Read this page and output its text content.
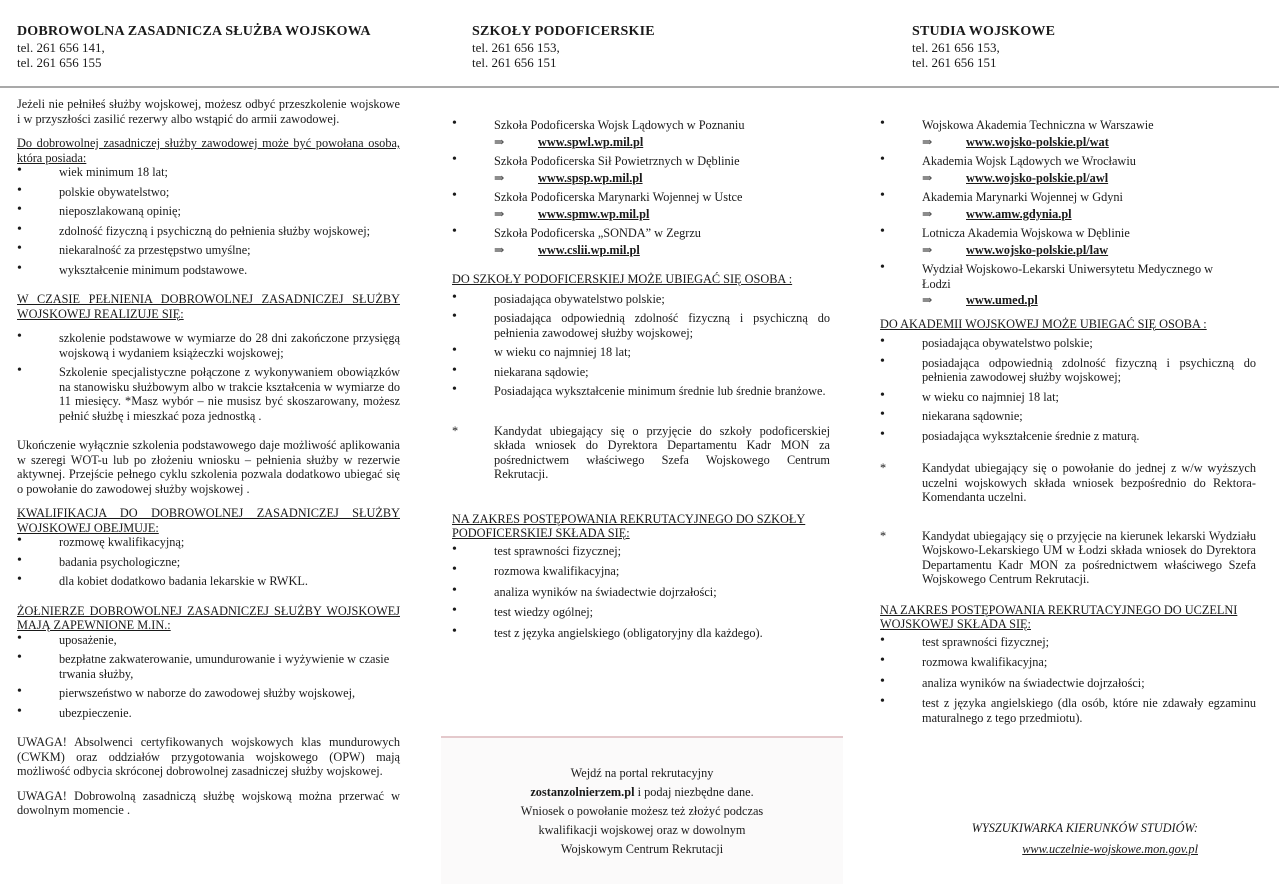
DOBROWOLNA ZASADNICZA SŁUŻBA WOJSKOWA
tel. 261 656 141,
tel. 261 656 155
SZKOŁY PODOFICERSKIE
tel. 261 656 153,
tel. 261 656 151
STUDIA WOJSKOWE
tel. 261 656 153,
tel. 261 656 151

Jeżeli nie pełniłeś służby wojskowej, możesz odbyć przeszkolenie wojskowe i w przyszłości zasilić rezerwy albo wstąpić do armii zawodowej.

Do dobrowolnej zasadniczej służby zawodowej może być powołana osoba, która posiada:

• wiek minimum 18 lat;
• polskie obywatelstwo;
• nieposzlakowaną opinię;
• zdolność fizyczną i psychiczną do pełnienia służby wojskowej;
• niekaralność za przestępstwo umyślne;
• wykształcenie minimum podstawowe.

W CZASIE PEŁNIENIA DOBROWOLNEJ ZASADNICZEJ SŁUŻBY WOJSKOWEJ REALIZUJE SIĘ:

• szkolenie podstawowe w wymiarze do 28 dni zakończone przysięgą wojskową i wydaniem książeczki wojskowej;
• Szkolenie specjalistyczne połączone z wykonywaniem obowiązków na stanowisku służbowym albo w trakcie kształcenia w wymiarze do 11 miesięcy. *Masz wybór – nie musisz być skoszarowany, możesz pełnić służbę i mieszkać poza jednostką .

Ukończenie wyłącznie szkolenia podstawowego daje możliwość aplikowania w szeregi WOT-u lub po złożeniu wniosku – pełnienia służby w rezerwie aktywnej. Przejście pełnego cyklu szkolenia pozwala dodatkowo ubiegać się o powołanie do zawodowej służby wojskowej .

KWALIFIKACJA DO DOBROWOLNEJ ZASADNICZEJ SŁUŻBY WOJSKOWEJ OBEJMUJE:

• rozmowę kwalifikacyjną;
• badania psychologiczne;
• dla kobiet dodatkowo badania lekarskie w RWKL.

ŻOŁNIERZE DOBROWOLNEJ ZASADNICZEJ SŁUŻBY WOJSKOWEJ MAJĄ ZAPEWNIONE M.IN.:

• uposażenie,
• bezpłatne zakwaterowanie, umundurowanie i wyżywienie w czasie trwania służby,
• pierwszeństwo w naborze do zawodowej służby wojskowej,
• ubezpieczenie.

UWAGA! Absolwenci certyfikowanych wojskowych klas mundurowych (CWKM) oraz oddziałów przygotowania wojskowego (OPW) mają możliwość odbycia skróconej dobrowolnej zasadniczej służby wojskowej.

UWAGA! Dobrowolną zasadniczą służbę wojskową można przerwać w dowolnym momencie .

• Szkoła Podoficerska Wojsk Lądowych w Poznaniu
⇒	www.spwl.wp.mil.pl
• Szkoła Podoficerska Sił Powietrznych w Dęblinie
⇒	www.spsp.wp.mil.pl
• Szkoła Podoficerska Marynarki Wojennej w Ustce
⇒	www.spmw.wp.mil.pl
• Szkoła Podoficerska „SONDA” w Zegrzu
⇒	www.cslii.wp.mil.pl

DO SZKOŁY PODOFICERSKIEJ MOŻE UBIEGAĆ SIĘ OSOBA :

• posiadająca obywatelstwo polskie;
• posiadająca odpowiednią zdolność fizyczną i psychiczną do pełnienia zawodowej służby wojskowej;
• w wieku co najmniej 18 lat;
• niekarana sądowie;
• Posiadająca wykształcenie minimum średnie lub średnie branżowe.
*	Kandydat ubiegający się o przyjęcie do szkoły podoficerskiej składa wniosek do Dyrektora Departamentu Kadr MON za pośrednictwem właściwego Szefa Wojskowego Centrum Rekrutacji.

NA ZAKRES POSTĘPOWANIA REKRUTACYJNEGO DO SZKOŁY PODOFICERSKIEJ SKŁADA SIĘ:

• test sprawności fizycznej;
• rozmowa kwalifikacyjna;
• analiza wyników na świadectwie dojrzałości;
• test wiedzy ogólnej;
• test z języka angielskiego (obligatoryjny dla każdego).
Wejdź na portal rekrutacyjny
zostanzolnierzem.pl i podaj niezbędne dane.
Wniosek o powołanie możesz też złożyć podczas
kwalifikacji wojskowej oraz w dowolnym
Wojskowym Centrum Rekrutacji
• Wojskowa Akademia Techniczna w Warszawie
⇒	www.wojsko-polskie.pl/wat
• Akademia Wojsk Lądowych we Wrocławiu
⇒	www.wojsko-polskie.pl/awl
• Akademia Marynarki Wojennej w Gdyni
⇒	www.amw.gdynia.pl
• Lotnicza Akademia Wojskowa w Dęblinie
⇒	www.wojsko-polskie.pl/law
• Wydział Wojskowo-Lekarski Uniwersytetu Medycznego w Łodzi
⇒	www.umed.pl

DO AKADEMII WOJSKOWEJ MOŻE UBIEGAĆ SIĘ OSOBA :

• posiadająca obywatelstwo polskie;
• posiadająca odpowiednią zdolność fizyczną i psychiczną do pełnienia zawodowej służby wojskowej;
• w wieku co najmniej 18 lat;
• niekarana sądownie;
• posiadająca wykształcenie średnie z maturą.
*	Kandydat ubiegający się o powołanie do jednej z w/w wyższych uczelni wojskowych składa wniosek bezpośrednio do Rektora-Komendanta uczelni.
*	Kandydat ubiegający się o przyjęcie na kierunek lekarski Wydziału Wojskowo-Lekarskiego UM w Łodzi składa wniosek do Dyrektora Departamentu Kadr MON za pośrednictwem właściwego Szefa Wojskowego Centrum Rekrutacji.

NA ZAKRES POSTĘPOWANIA REKRUTACYJNEGO DO UCZELNI WOJSKOWEJ SKŁADA SIĘ:

• test sprawności fizycznej;
• rozmowa kwalifikacyjna;
• analiza wyników na świadectwie dojrzałości;
• test z języka angielskiego (dla osób, które nie zdawały egzaminu maturalnego z tego przedmiotu).
WYSZUKIWARKA KIERUNKÓW STUDIÓW:
www.uczelnie-wojskowe.mon.gov.pl
